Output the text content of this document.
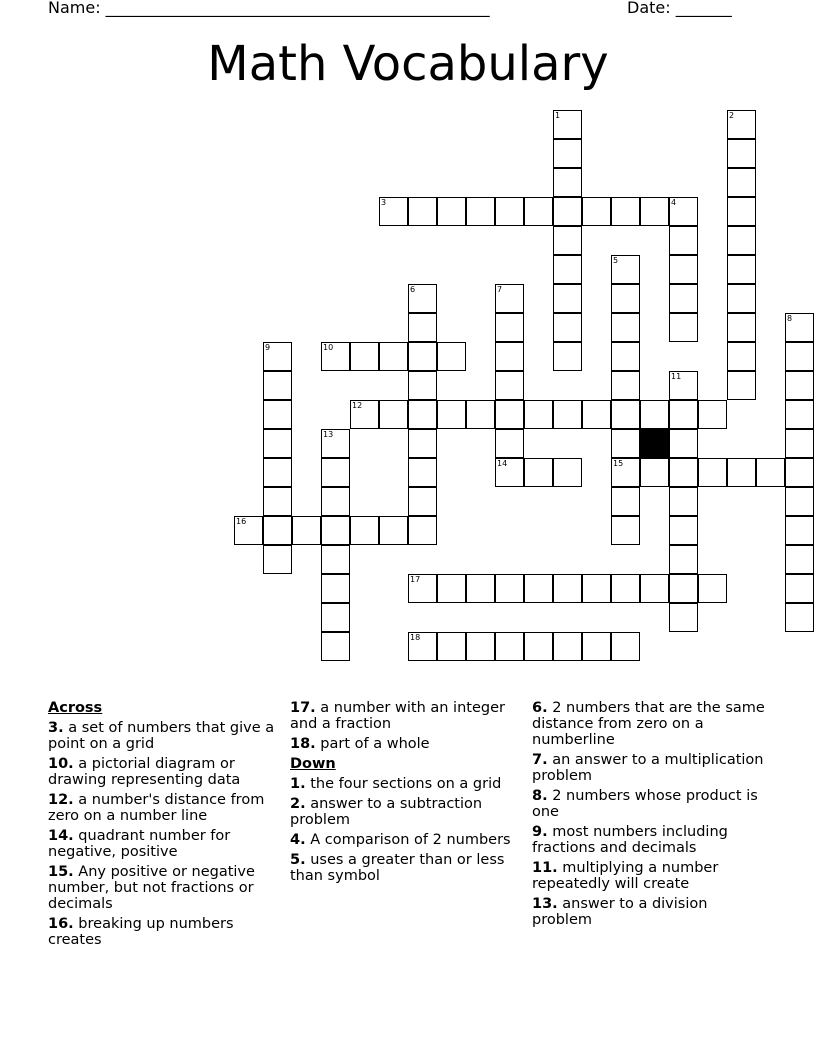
Name: ________________________________________________	Date: _______
Math Vocabulary
1	2
3	4
5
6	7
8
9	10
11
12
13
14	15
16
17
18
Across
3. a set of numbers that give a point on a grid
10. a pictorial diagram or drawing representing data
12. a number's distance from zero on a number line
14. quadrant number for negative, positive
15. Any positive or negative number, but not fractions or decimals
16. breaking up numbers creates
17. a number with an integer and a fraction
18. part of a whole
Down
1. the four sections on a grid
2. answer to a subtraction problem
4. A comparison of 2 numbers
5. uses a greater than or less than symbol
6. 2 numbers that are the same distance from zero on a numberline
7. an answer to a multiplication problem
8. 2 numbers whose product is one
9. most numbers including fractions and decimals
11. multiplying a number repeatedly will create
13. answer to a division problem
